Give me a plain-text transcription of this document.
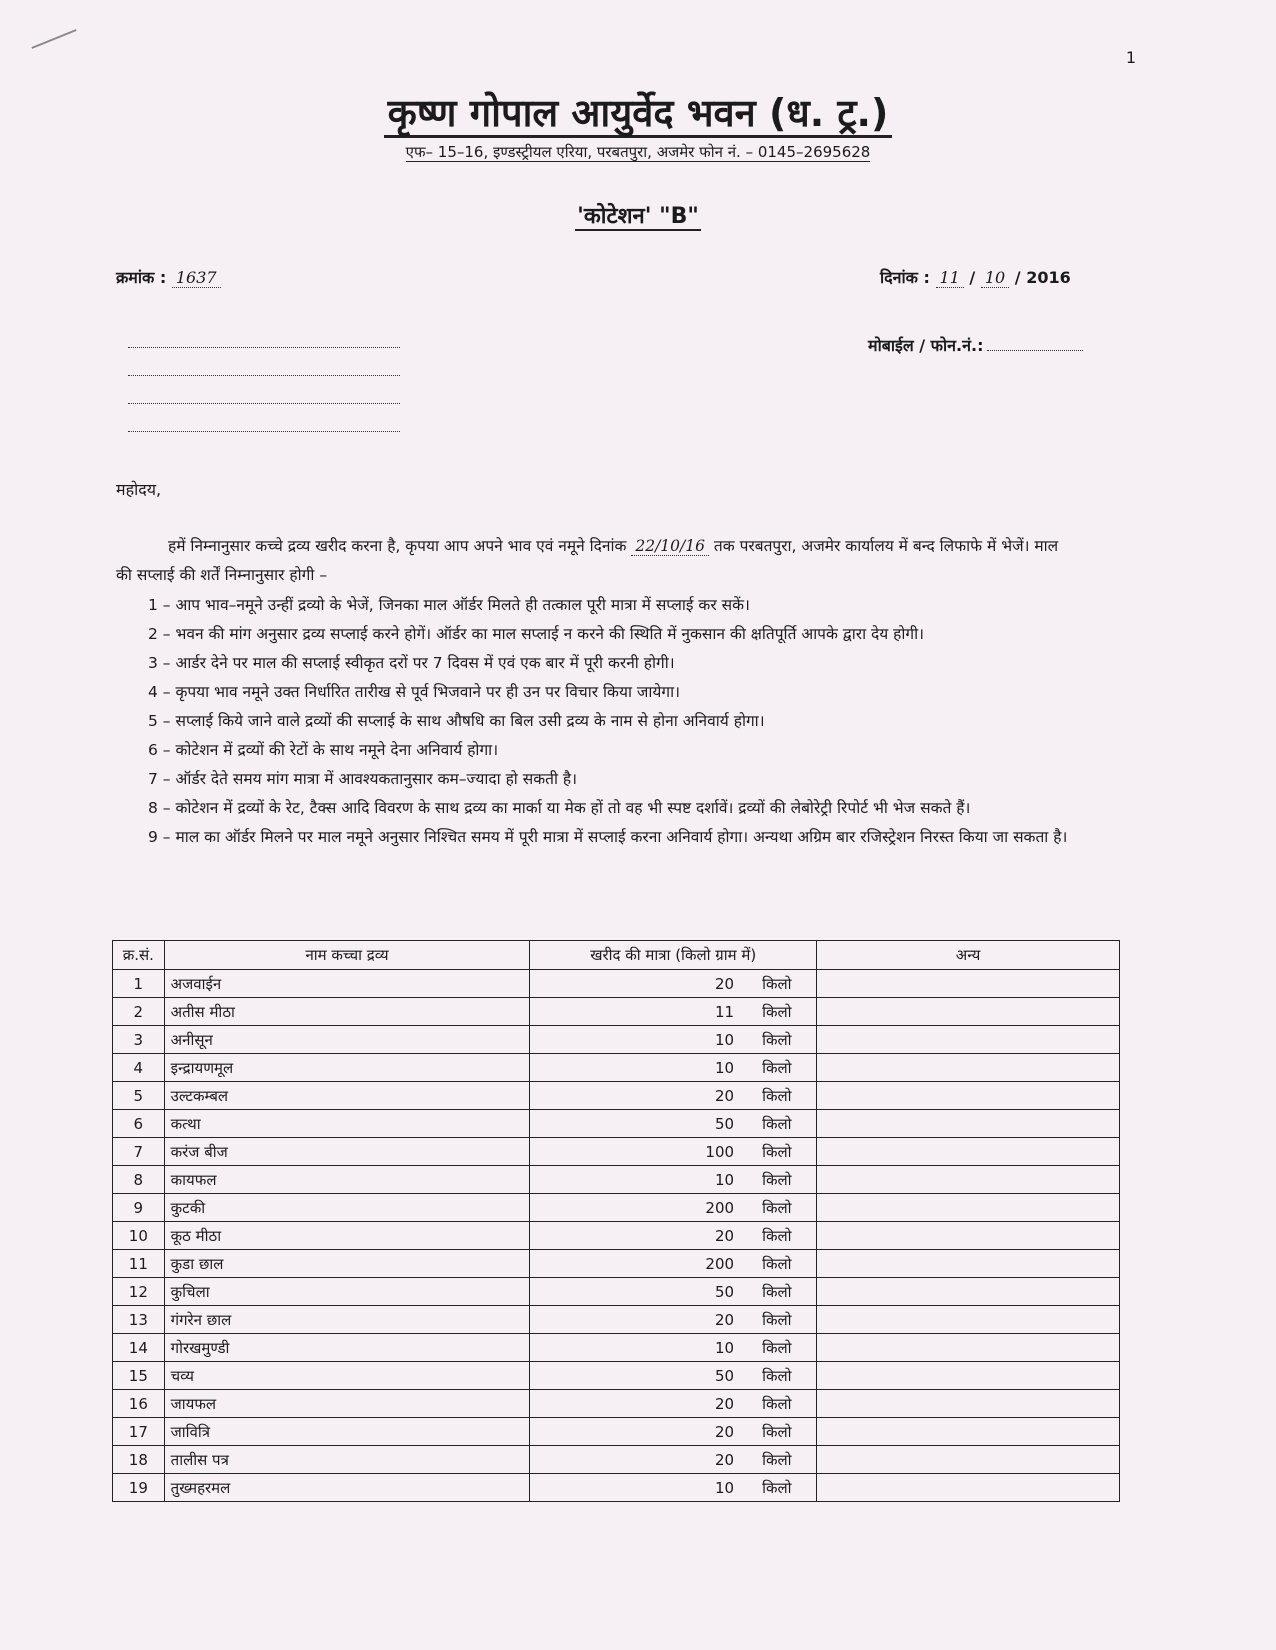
1
कृष्ण गोपाल आयुर्वेद भवन (ध. ट्र.)
एफ– 15–16, इण्डस्ट्रीयल एरिया, परबतपुरा, अजमेर फोन नं. – 0145–2695628
'कोटेशन' "B"
क्रमांक : 1637	दिनांक : 11 / 10 / 2016
मोबाईल / फोन.नं.:
महोदय,
हमें निम्नानुसार कच्चे द्रव्य खरीद करना है, कृपया आप अपने भाव एवं नमूने दिनांक 22/10/16 तक परबतपुरा, अजमेर कार्यालय में बन्द लिफाफे में भेजें। माल की सप्लाई की शर्तें निम्नानुसार होगी –
1 – आप भाव–नमूने उन्हीं द्रव्यो के भेजें, जिनका माल ऑर्डर मिलते ही तत्काल पूरी मात्रा में सप्लाई कर सकें।
2 – भवन की मांग अनुसार द्रव्य सप्लाई करने होगें। ऑर्डर का माल सप्लाई न करने की स्थिति में नुकसान की क्षतिपूर्ति आपके द्वारा देय होगी।
3 – आर्डर देने पर माल की सप्लाई स्वीकृत दरों पर 7 दिवस में एवं एक बार में पूरी करनी होगी।
4 – कृपया भाव नमूने उक्त निर्धारित तारीख से पूर्व भिजवाने पर ही उन पर विचार किया जायेगा।
5 – सप्लाई किये जाने वाले द्रव्यों की सप्लाई के साथ औषधि का बिल उसी द्रव्य के नाम से होना अनिवार्य होगा।
6 – कोटेशन में द्रव्यों की रेटों के साथ नमूने देना अनिवार्य होगा।
7 – ऑर्डर देते समय मांग मात्रा में आवश्यकतानुसार कम–ज्यादा हो सकती है।
8 – कोटेशन में द्रव्यों के रेट, टैक्स आदि विवरण के साथ द्रव्य का मार्का या मेक हों तो वह भी स्पष्ट दर्शावें। द्रव्यों की लेबोरेट्री रिपोर्ट भी भेज सकते हैं।
9 – माल का ऑर्डर मिलने पर माल नमूने अनुसार निश्चित समय में पूरी मात्रा में सप्लाई करना अनिवार्य होगा। अन्यथा अग्रिम बार रजिस्ट्रेशन निरस्त किया जा सकता है।
क्र.सं.	नाम कच्चा द्रव्य	खरीद की मात्रा (किलो ग्राम में)	अन्य
1	अजवाईन	20 किलो	
2	अतीस मीठा	11 किलो	
3	अनीसून	10 किलो	
4	इन्द्रायणमूल	10 किलो	
5	उल्टकम्बल	20 किलो	
6	कत्था	50 किलो	
7	करंज बीज	100 किलो	
8	कायफल	10 किलो	
9	कुटकी	200 किलो	
10	कूठ मीठा	20 किलो	
11	कुडा छाल	200 किलो	
12	कुचिला	50 किलो	
13	गंगरेन छाल	20 किलो	
14	गोरखमुण्डी	10 किलो	
15	चव्य	50 किलो	
16	जायफल	20 किलो	
17	जावित्रि	20 किलो	
18	तालीस पत्र	20 किलो	
19	तुख्महरमल	10 किलो	
